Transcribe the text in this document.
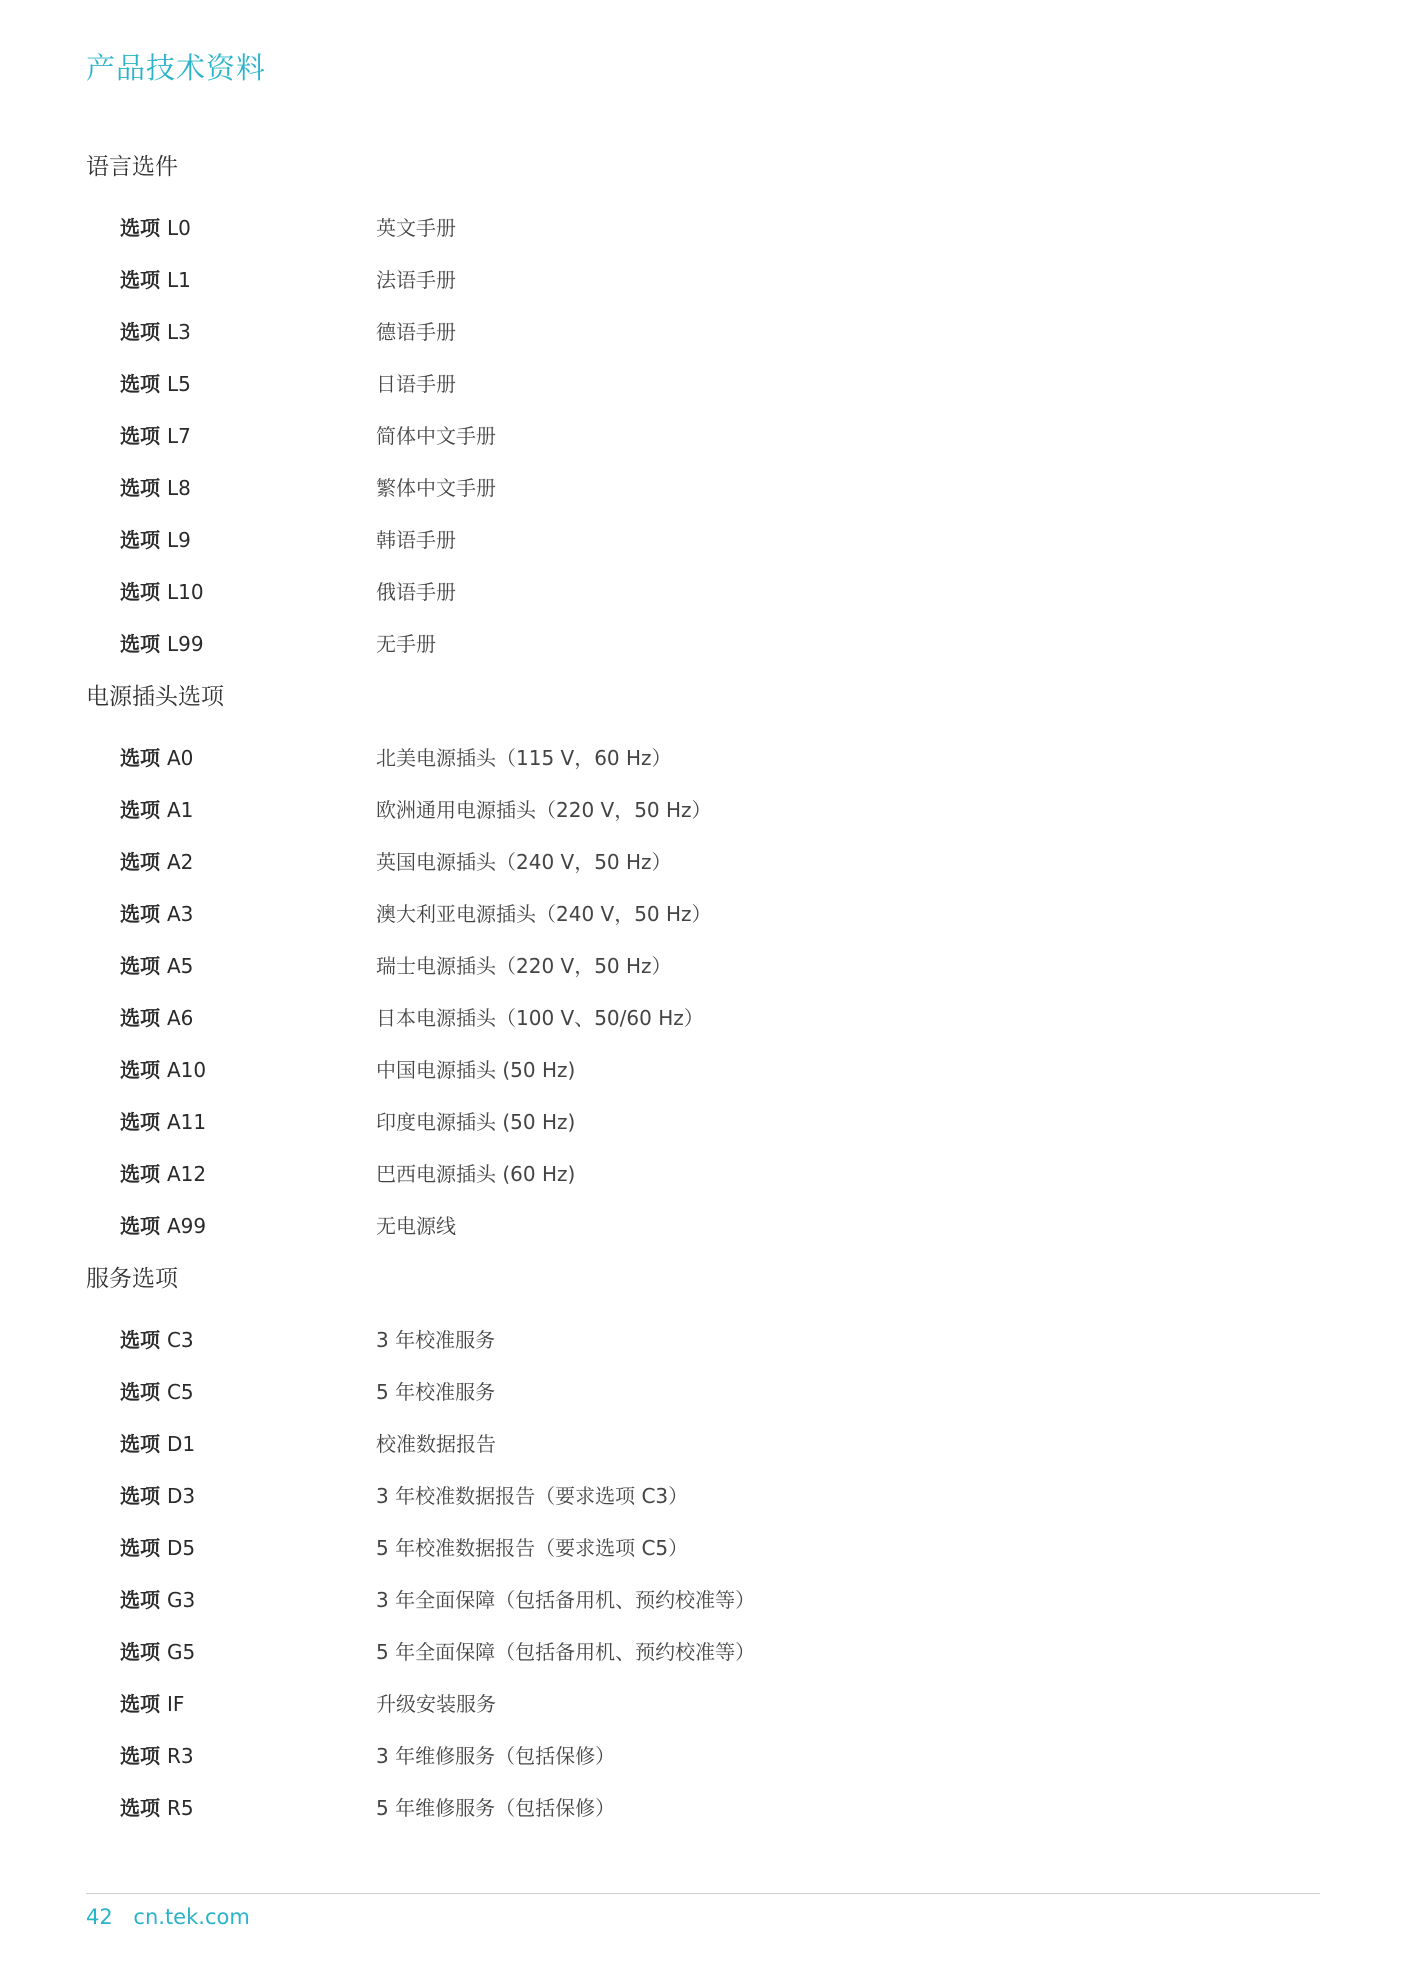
产品技术资料
语言选件
选项 L0	英文手册
选项 L1	法语手册
选项 L3	德语手册
选项 L5	日语手册
选项 L7	简体中文手册
选项 L8	繁体中文手册
选项 L9	韩语手册
选项 L10	俄语手册
选项 L99	无手册
电源插头选项
选项 A0	北美电源插头（115 V，60 Hz）
选项 A1	欧洲通用电源插头（220 V，50 Hz）
选项 A2	英国电源插头（240 V，50 Hz）
选项 A3	澳大利亚电源插头（240 V，50 Hz）
选项 A5	瑞士电源插头（220 V，50 Hz）
选项 A6	日本电源插头（100 V、50/60 Hz）
选项 A10	中国电源插头 (50 Hz)
选项 A11	印度电源插头 (50 Hz)
选项 A12	巴西电源插头 (60 Hz)
选项 A99	无电源线
服务选项
选项 C3	3 年校准服务
选项 C5	5 年校准服务
选项 D1	校准数据报告
选项 D3	3 年校准数据报告（要求选项 C3）
选项 D5	5 年校准数据报告（要求选项 C5）
选项 G3	3 年全面保障（包括备用机、预约校准等）
选项 G5	5 年全面保障（包括备用机、预约校准等）
选项 IF	升级安装服务
选项 R3	3 年维修服务（包括保修）
选项 R5	5 年维修服务（包括保修）
42 cn.tek.com
